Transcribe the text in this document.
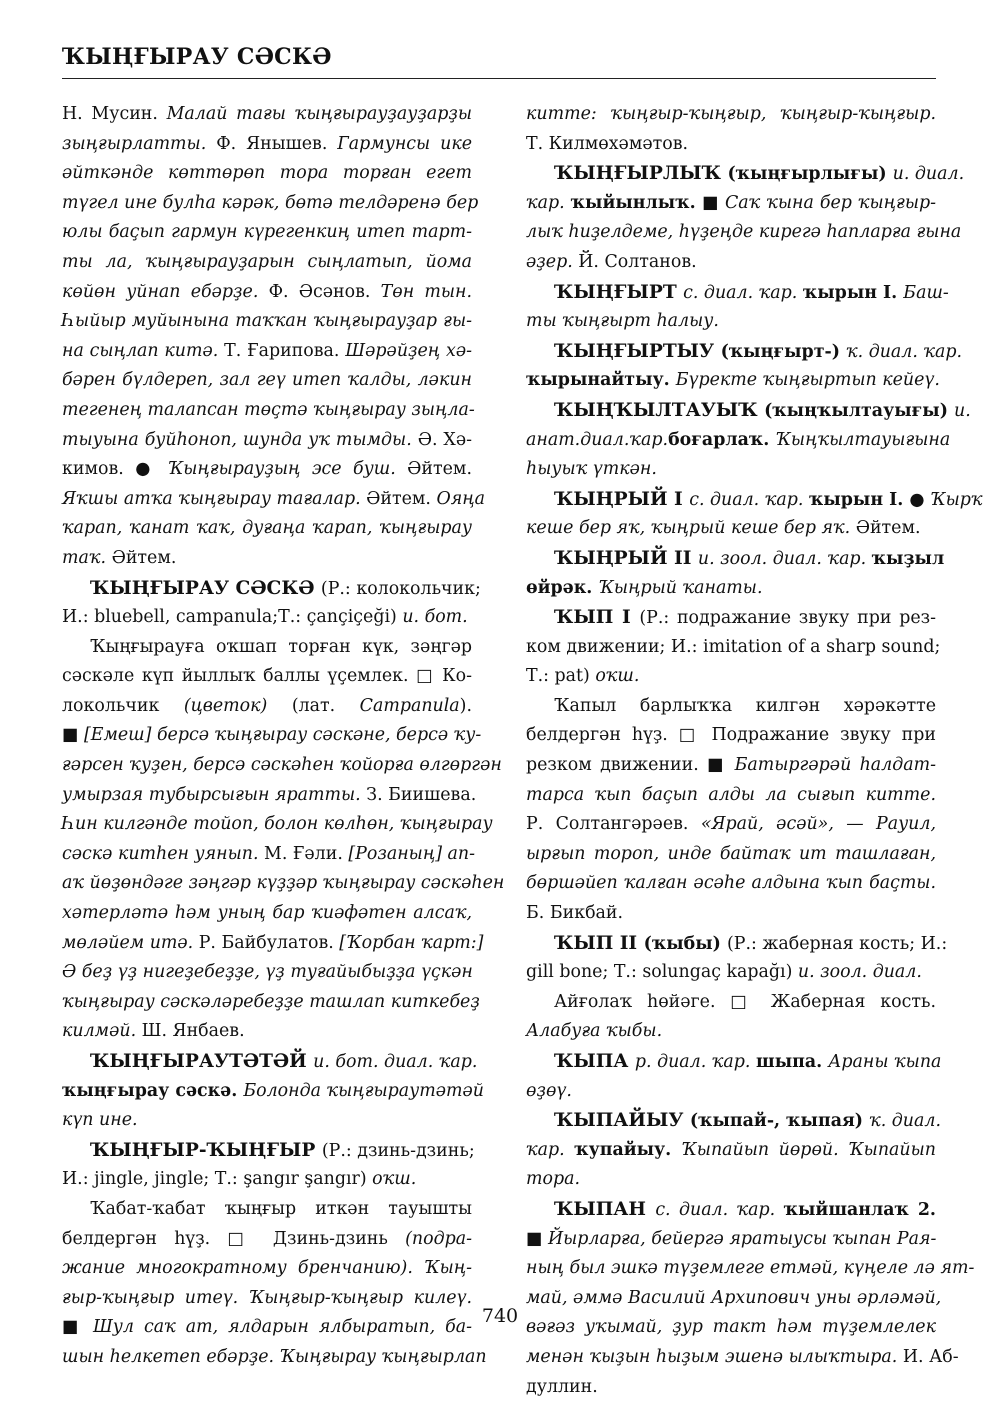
ҠЫҢҒЫРАУ СӘСКӘ
Н. Мусин. Малай тағы ҡыңғырауҙауҙарҙы
зыңғырлатты. Ф. Янышев. Гармунсы ике
әйткәнде көттөрөп тора торған егет
түгел ине булһа кәрәк, бөтә телдәренә бер
юлы баҫып гармун күрегенкиң итеп тарт-
ты ла, ҡыңғырауҙарын сыңлатып, йома
көйөн уйнап ебәрҙе. Ф. Әсәнов. Төн тын.
Һыйыр муйынына таҡҡан ҡыңғырауҙар ғы-
на сыңлап китә. Т. Ғарипова. Шәрәйҙең хә-
бәрен бүлдереп, зал геү итеп ҡалды, ләкин
тегенең талапсан төҫтә ҡыңғырау зыңла-
тыуына буйһоноп, шунда уҡ тымды. Ә. Хә-
кимов. ● Ҡыңғырауҙың эсе буш. Әйтем.
Яҡшы атҡа ҡыңғырау тағалар. Әйтем. Ояңа
ҡарап, ҡанат ҡаҡ, дуғаңа ҡарап, ҡыңғырау
таҡ. Әйтем.
ҠЫҢҒЫРАУ СӘСКӘ (Р.: колокольчик;
И.: bluebell, campanula;Т.: çançiçeği) и. бот.
Ҡыңғырауға оҡшап торған күк, зәңгәр
сәскәле күп йыллыҡ баллы үҫемлек. □ Ко-
локольчик (цветок) (лат. Campanula).
■ [Емеш] берсә ҡыңғырау сәскәне, берсә ҡу-
ғәрсен ҡуҙен, берсә сәскәһен ҡойорға өлгөргән
умырзая тубырсығын яратты. З. Биишева.
Һин килгәнде тойоп, болон көлһөн, ҡыңғырау
сәскә китһен уянып. М. Ғәли. [Розаның] ап-
аҡ йөҙөндәге зәңгәр күҙҙәр ҡыңғырау сәскәһен
хәтерләтә һәм уның бар ҡиәфәтен алсаҡ,
мөләйем итә. Р. Байбулатов. [Ҡорбан ҡарт:]
Ә беҙ үҙ нигеҙебеҙҙе, үҙ туғайыбыҙҙа үҫкән
ҡыңғырау сәскәләребеҙҙе ташлап киткебеҙ
килмәй. Ш. Янбаев.
ҠЫҢҒЫРАУТӘТӘЙ и. бот. диал. ҡар.
ҡыңғырау сәскә. Болонда ҡыңғыраутәтәй
күп ине.
ҠЫҢҒЫР-ҠЫҢҒЫР (Р.: дзинь-дзинь;
И.: jingle, jingle; Т.: şangır şangır) оҡш.
Ҡабат-ҡабат ҡыңғыр иткән тауышты
белдергән һүҙ. □ Дзинь-дзинь (подра-
жание многократному бренчанию). Ҡың-
ғыр-ҡыңғыр итеү. Ҡыңғыр-ҡыңғыр килеү.
■ Шул саҡ ат, ялдарын ялбыратып, ба-
шын һелкетеп ебәрҙе. Ҡыңғырау ҡыңғырлап
китте: ҡыңғыр-ҡыңғыр, ҡыңғыр-ҡыңғыр.
Т. Килмөхәмәтов.
ҠЫҢҒЫРЛЫҠ (ҡыңғырлығы) и. диал.
ҡар. ҡыйынлыҡ. ■ Саҡ ҡына бер ҡыңғыр-
лыҡ һиҙелдеме, һүҙеңде кирегә һапларға ғына
әҙер. Й. Солтанов.
ҠЫҢҒЫРТ с. диал. ҡар. ҡырын I. Баш-
ты ҡыңғырт һалыу.
ҠЫҢҒЫРТЫУ (ҡыңғырт-) ҡ. диал. ҡар.
ҡырынайтыу. Бүректе ҡыңғыртып кейеү.
ҠЫҢҠЫЛТАУЫҠ (ҡыңҡылтауығы) и.
анат.диал.ҡар.боғарлаҡ. Ҡыңҡылтауығына
һыуыҡ үткән.
ҠЫҢРЫЙ I с. диал. ҡар. ҡырын I. ● Ҡырҡ
кеше бер яҡ, ҡыңрый кеше бер яҡ. Әйтем.
ҠЫҢРЫЙ II и. зоол. диал. ҡар. ҡыҙыл
өйрәк. Ҡыңрый ҡанаты.
ҠЫП I (Р.: подражание звуку при рез-
ком движении; И.: imitation of a sharp sound;
Т.: pat) оҡш.
Ҡапыл барлыҡҡа килгән хәрәкәтте
белдергән һүҙ. □ Подражание звуку при
резком движении. ■ Батыргәрәй һалдат-
тарса ҡып баҫып алды ла сығып китте.
Р. Солтангәрәев. «Ярай, әсәй», — Рауил,
ырғып тороп, инде байтаҡ ит ташлаған,
бөршәйеп ҡалған әсәһе алдына ҡып баҫты.
Б. Бикбай.
ҠЫП II (ҡыбы) (Р.: жаберная кость; И.:
gill bone; Т.: solungaç kapağı) и. зоол. диал.
Айғолаҡ һөйәге. □ Жаберная кость.
Алабуға ҡыбы.
ҠЫПА р. диал. ҡар. шыпа. Араны ҡыпа
өҙөү.
ҠЫПАЙЫУ (ҡыпай-, ҡыпая) ҡ. диал.
ҡар. ҡупайыу. Ҡыпайып йөрөй. Ҡыпайып
тора.
ҠЫПАН с. диал. ҡар. ҡыйшанлаҡ 2.
■ Йырларға, бейергә яратыусы ҡыпан Рая-
ның был эшкә түҙемлеге етмәй, күңеле лә ят-
май, әммә Василий Архипович уны әрләмәй,
вәғәз уҡымай, ҙур такт һәм түҙемлелек
менән ҡыҙын һыҙым эшенә ылыҡтыра. И. Аб-
дуллин.
740
